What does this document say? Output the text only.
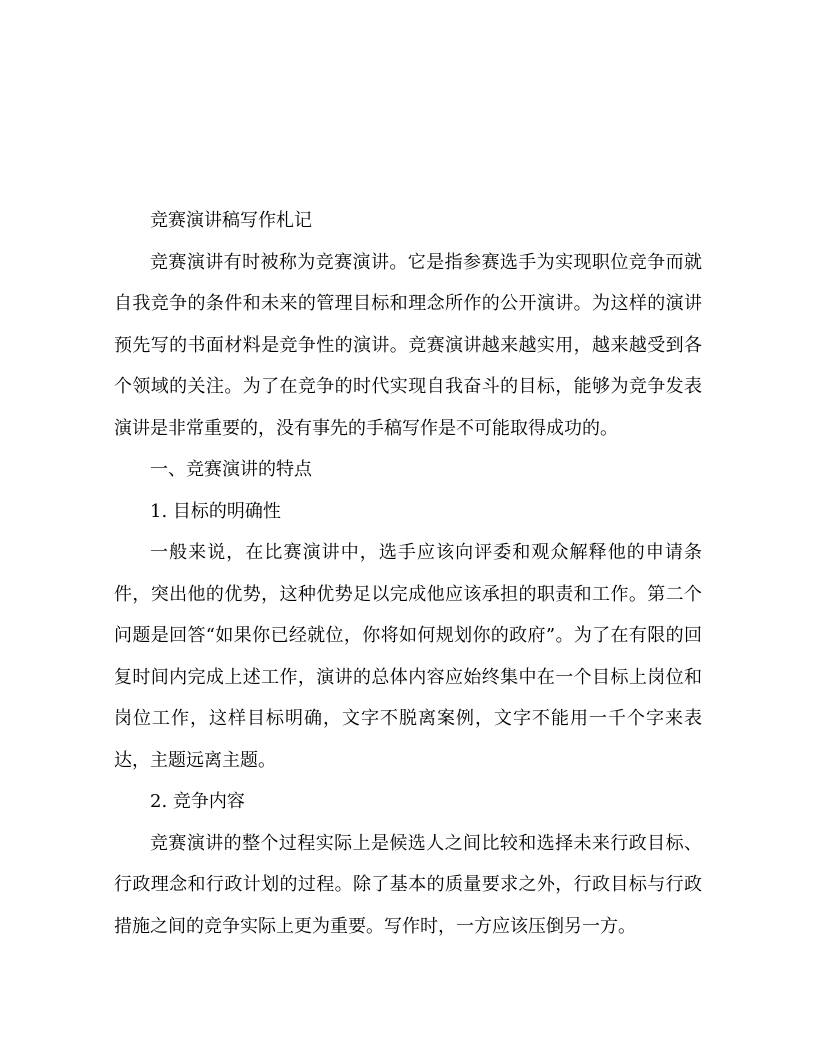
竞赛演讲稿写作札记

竞赛演讲有时被称为竞赛演讲。它是指参赛选手为实现职位竞争而就自我竞争的条件和未来的管理目标和理念所作的公开演讲。为这样的演讲预先写的书面材料是竞争性的演讲。竞赛演讲越来越实用，越来越受到各个领域的关注。为了在竞争的时代实现自我奋斗的目标，能够为竞争发表演讲是非常重要的，没有事先的手稿写作是不可能取得成功的。

一、竞赛演讲的特点

1. 目标的明确性

一般来说，在比赛演讲中，选手应该向评委和观众解释他的申请条件，突出他的优势，这种优势足以完成他应该承担的职责和工作。第二个问题是回答“如果你已经就位，你将如何规划你的政府”。为了在有限的回复时间内完成上述工作，演讲的总体内容应始终集中在一个目标上岗位和岗位工作，这样目标明确，文字不脱离案例，文字不能用一千个字来表达，主题远离主题。

2. 竞争内容

竞赛演讲的整个过程实际上是候选人之间比较和选择未来行政目标、行政理念和行政计划的过程。除了基本的质量要求之外，行政目标与行政措施之间的竞争实际上更为重要。写作时，一方应该压倒另一方。
